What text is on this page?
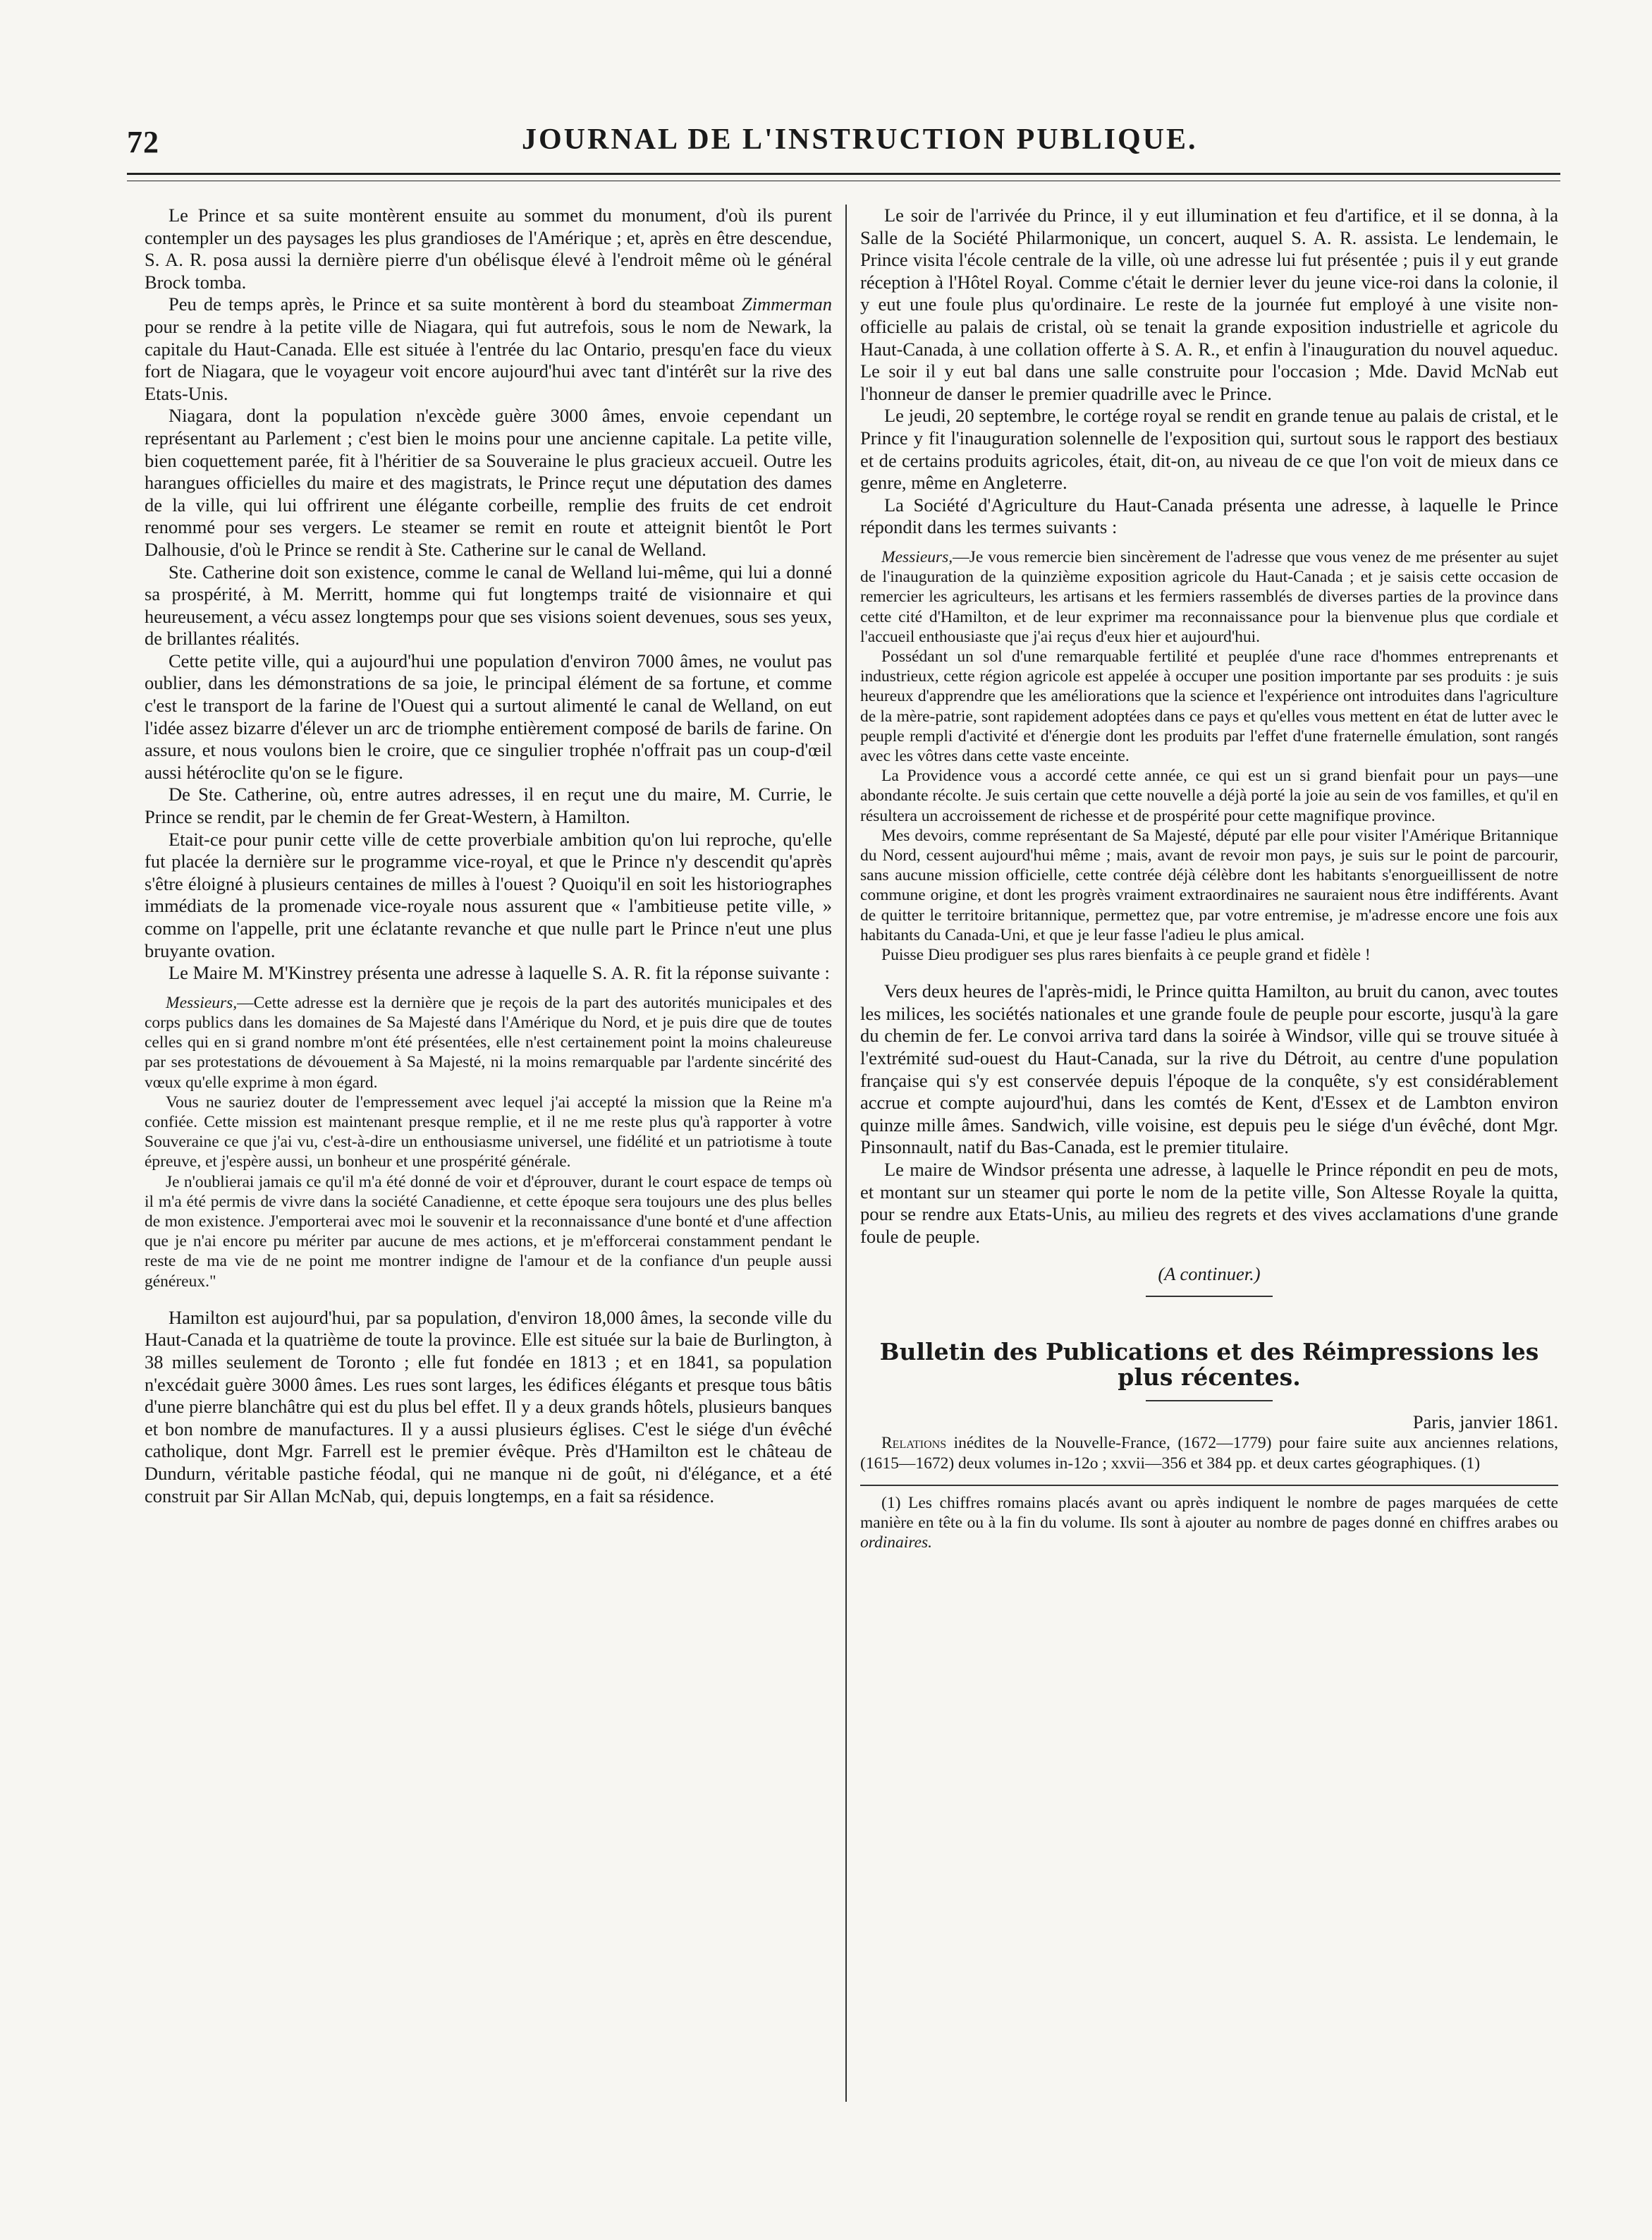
72	JOURNAL DE L'INSTRUCTION PUBLIQUE.

Le Prince et sa suite montèrent ensuite au sommet du monument, d'où ils purent contempler un des paysages les plus grandioses de l'Amérique ; et, après en être descendue, S. A. R. posa aussi la dernière pierre d'un obélisque élevé à l'endroit même où le général Brock tomba.

Peu de temps après, le Prince et sa suite montèrent à bord du steamboat Zimmerman pour se rendre à la petite ville de Niagara, qui fut autrefois, sous le nom de Newark, la capitale du Haut-Canada. Elle est située à l'entrée du lac Ontario, presqu'en face du vieux fort de Niagara, que le voyageur voit encore aujourd'hui avec tant d'intérêt sur la rive des Etats-Unis.

Niagara, dont la population n'excède guère 3000 âmes, envoie cependant un représentant au Parlement ; c'est bien le moins pour une ancienne capitale. La petite ville, bien coquettement parée, fit à l'héritier de sa Souveraine le plus gracieux accueil. Outre les harangues officielles du maire et des magistrats, le Prince reçut une députation des dames de la ville, qui lui offrirent une élégante corbeille, remplie des fruits de cet endroit renommé pour ses vergers. Le steamer se remit en route et atteignit bientôt le Port Dalhousie, d'où le Prince se rendit à Ste. Catherine sur le canal de Welland.

Ste. Catherine doit son existence, comme le canal de Welland lui-même, qui lui a donné sa prospérité, à M. Merritt, homme qui fut longtemps traité de visionnaire et qui heureusement, a vécu assez longtemps pour que ses visions soient devenues, sous ses yeux, de brillantes réalités.

Cette petite ville, qui a aujourd'hui une population d'environ 7000 âmes, ne voulut pas oublier, dans les démonstrations de sa joie, le principal élément de sa fortune, et comme c'est le transport de la farine de l'Ouest qui a surtout alimenté le canal de Welland, on eut l'idée assez bizarre d'élever un arc de triomphe entièrement composé de barils de farine. On assure, et nous voulons bien le croire, que ce singulier trophée n'offrait pas un coup-d'œil aussi hétéroclite qu'on se le figure.

De Ste. Catherine, où, entre autres adresses, il en reçut une du maire, M. Currie, le Prince se rendit, par le chemin de fer Great-Western, à Hamilton.

Etait-ce pour punir cette ville de cette proverbiale ambition qu'on lui reproche, qu'elle fut placée la dernière sur le programme vice-royal, et que le Prince n'y descendit qu'après s'être éloigné à plusieurs centaines de milles à l'ouest ? Quoiqu'il en soit les historiographes immédiats de la promenade vice-royale nous assurent que « l'ambitieuse petite ville, » comme on l'appelle, prit une éclatante revanche et que nulle part le Prince n'eut une plus bruyante ovation.

Le Maire M. M'Kinstrey présenta une adresse à laquelle S. A. R. fit la réponse suivante :

Messieurs,—Cette adresse est la dernière que je reçois de la part des autorités municipales et des corps publics dans les domaines de Sa Majesté dans l'Amérique du Nord, et je puis dire que de toutes celles qui en si grand nombre m'ont été présentées, elle n'est certainement point la moins chaleureuse par ses protestations de dévouement à Sa Majesté, ni la moins remarquable par l'ardente sincérité des vœux qu'elle exprime à mon égard.

Vous ne sauriez douter de l'empressement avec lequel j'ai accepté la mission que la Reine m'a confiée. Cette mission est maintenant presque remplie, et il ne me reste plus qu'à rapporter à votre Souveraine ce que j'ai vu, c'est-à-dire un enthousiasme universel, une fidélité et un patriotisme à toute épreuve, et j'espère aussi, un bonheur et une prospérité générale.

Je n'oublierai jamais ce qu'il m'a été donné de voir et d'éprouver, durant le court espace de temps où il m'a été permis de vivre dans la société Canadienne, et cette époque sera toujours une des plus belles de mon existence. J'emporterai avec moi le souvenir et la reconnaissance d'une bonté et d'une affection que je n'ai encore pu mériter par aucune de mes actions, et je m'efforcerai constamment pendant le reste de ma vie de ne point me montrer indigne de l'amour et de la confiance d'un peuple aussi généreux."

Hamilton est aujourd'hui, par sa population, d'environ 18,000 âmes, la seconde ville du Haut-Canada et la quatrième de toute la province. Elle est située sur la baie de Burlington, à 38 milles seulement de Toronto ; elle fut fondée en 1813 ; et en 1841, sa population n'excédait guère 3000 âmes. Les rues sont larges, les édifices élégants et presque tous bâtis d'une pierre blanchâtre qui est du plus bel effet. Il y a deux grands hôtels, plusieurs banques et bon nombre de manufactures. Il y a aussi plusieurs églises. C'est le siége d'un évêché catholique, dont Mgr. Farrell est le premier évêque. Près d'Hamilton est le château de Dundurn, véritable pastiche féodal, qui ne manque ni de goût, ni d'élégance, et a été construit par Sir Allan McNab, qui, depuis longtemps, en a fait sa résidence.

Le soir de l'arrivée du Prince, il y eut illumination et feu d'artifice, et il se donna, à la Salle de la Société Philarmonique, un concert, auquel S. A. R. assista. Le lendemain, le Prince visita l'école centrale de la ville, où une adresse lui fut présentée ; puis il y eut grande réception à l'Hôtel Royal. Comme c'était le dernier lever du jeune vice-roi dans la colonie, il y eut une foule plus qu'ordinaire. Le reste de la journée fut employé à une visite non-officielle au palais de cristal, où se tenait la grande exposition industrielle et agricole du Haut-Canada, à une collation offerte à S. A. R., et enfin à l'inauguration du nouvel aqueduc. Le soir il y eut bal dans une salle construite pour l'occasion ; Mde. David McNab eut l'honneur de danser le premier quadrille avec le Prince.

Le jeudi, 20 septembre, le cortége royal se rendit en grande tenue au palais de cristal, et le Prince y fit l'inauguration solennelle de l'exposition qui, surtout sous le rapport des bestiaux et de certains produits agricoles, était, dit-on, au niveau de ce que l'on voit de mieux dans ce genre, même en Angleterre.

La Société d'Agriculture du Haut-Canada présenta une adresse, à laquelle le Prince répondit dans les termes suivants :

Messieurs,—Je vous remercie bien sincèrement de l'adresse que vous venez de me présenter au sujet de l'inauguration de la quinzième exposition agricole du Haut-Canada ; et je saisis cette occasion de remercier les agriculteurs, les artisans et les fermiers rassemblés de diverses parties de la province dans cette cité d'Hamilton, et de leur exprimer ma reconnaissance pour la bienvenue plus que cordiale et l'accueil enthousiaste que j'ai reçus d'eux hier et aujourd'hui.

Possédant un sol d'une remarquable fertilité et peuplée d'une race d'hommes entreprenants et industrieux, cette région agricole est appelée à occuper une position importante par ses produits : je suis heureux d'apprendre que les améliorations que la science et l'expérience ont introduites dans l'agriculture de la mère-patrie, sont rapidement adoptées dans ce pays et qu'elles vous mettent en état de lutter avec le peuple rempli d'activité et d'énergie dont les produits par l'effet d'une fraternelle émulation, sont rangés avec les vôtres dans cette vaste enceinte.

La Providence vous a accordé cette année, ce qui est un si grand bienfait pour un pays—une abondante récolte. Je suis certain que cette nouvelle a déjà porté la joie au sein de vos familles, et qu'il en résultera un accroissement de richesse et de prospérité pour cette magnifique province.

Mes devoirs, comme représentant de Sa Majesté, député par elle pour visiter l'Amérique Britannique du Nord, cessent aujourd'hui même ; mais, avant de revoir mon pays, je suis sur le point de parcourir, sans aucune mission officielle, cette contrée déjà célèbre dont les habitants s'enorgueillissent de notre commune origine, et dont les progrès vraiment extraordinaires ne sauraient nous être indifférents. Avant de quitter le territoire britannique, permettez que, par votre entremise, je m'adresse encore une fois aux habitants du Canada-Uni, et que je leur fasse l'adieu le plus amical.

Puisse Dieu prodiguer ses plus rares bienfaits à ce peuple grand et fidèle !

Vers deux heures de l'après-midi, le Prince quitta Hamilton, au bruit du canon, avec toutes les milices, les sociétés nationales et une grande foule de peuple pour escorte, jusqu'à la gare du chemin de fer. Le convoi arriva tard dans la soirée à Windsor, ville qui se trouve située à l'extrémité sud-ouest du Haut-Canada, sur la rive du Détroit, au centre d'une population française qui s'y est conservée depuis l'époque de la conquête, s'y est considérablement accrue et compte aujourd'hui, dans les comtés de Kent, d'Essex et de Lambton environ quinze mille âmes. Sandwich, ville voisine, est depuis peu le siége d'un évêché, dont Mgr. Pinsonnault, natif du Bas-Canada, est le premier titulaire.

Le maire de Windsor présenta une adresse, à laquelle le Prince répondit en peu de mots, et montant sur un steamer qui porte le nom de la petite ville, Son Altesse Royale la quitta, pour se rendre aux Etats-Unis, au milieu des regrets et des vives acclamations d'une grande foule de peuple.

(A continuer.)

Bulletin des Publications et des Réimpressions les plus récentes.

Paris, janvier 1861.

Relations inédites de la Nouvelle-France, (1672—1779) pour faire suite aux anciennes relations, (1615—1672) deux volumes in-12o ; xxvii—356 et 384 pp. et deux cartes géographiques. (1)

(1) Les chiffres romains placés avant ou après indiquent le nombre de pages marquées de cette manière en tête ou à la fin du volume. Ils sont à ajouter au nombre de pages donné en chiffres arabes ou ordinaires.
